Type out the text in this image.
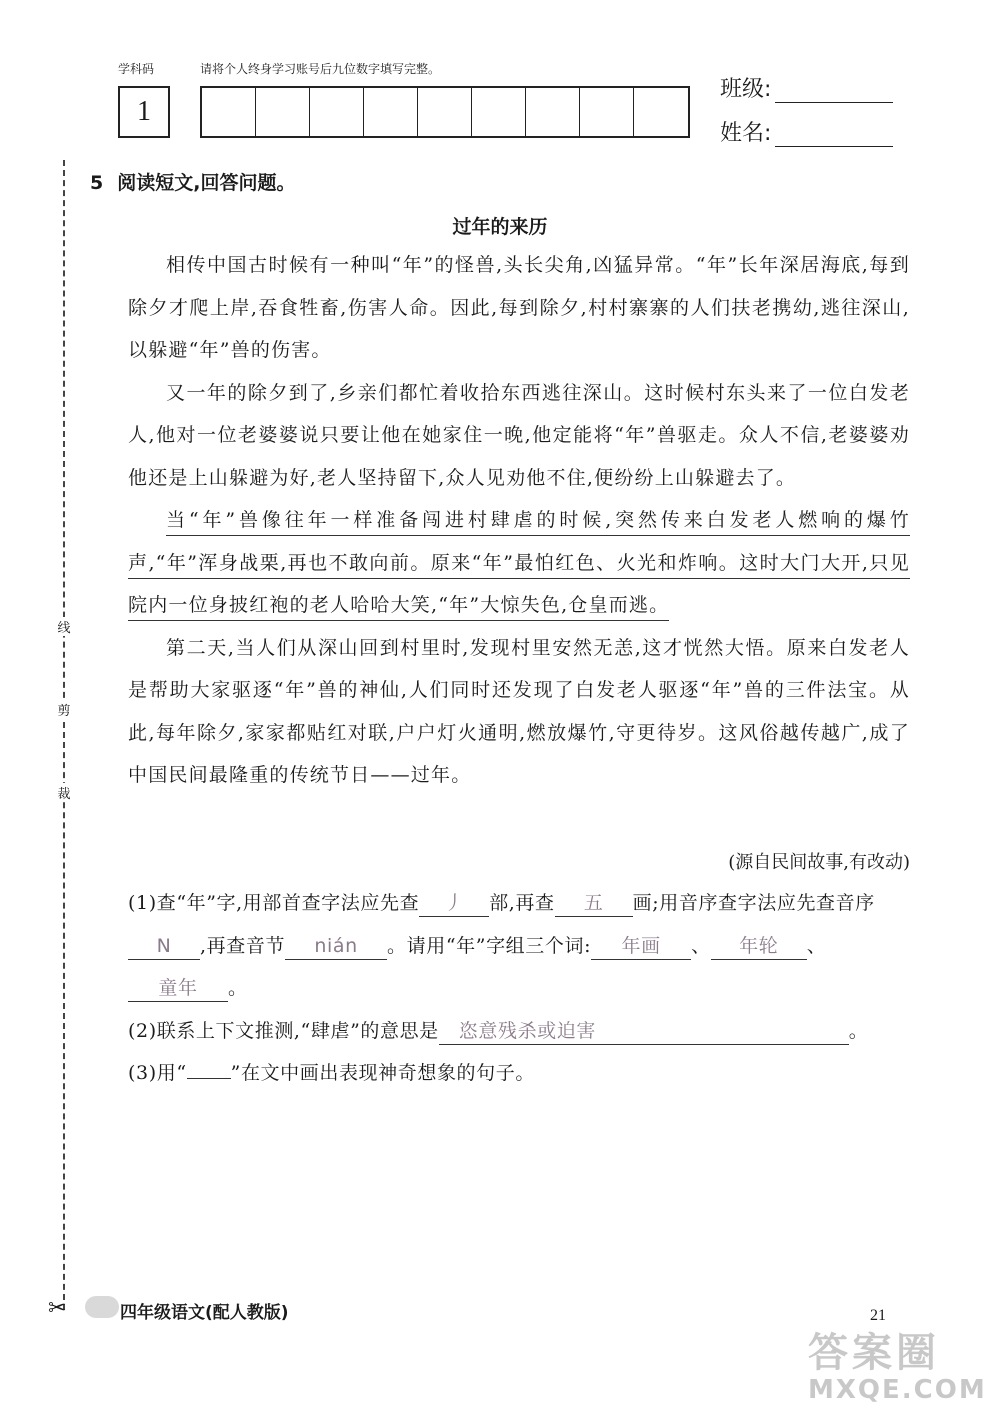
学科码	请将个人终身学习账号后九位数字填写完整。
1
班级:
姓名:
线
剪
裁
5 阅读短文,回答问题。
过年的来历

相传中国古时候有一种叫“年”的怪兽,头长尖角,凶猛异常。“年”长年深居海底,每到除夕才爬上岸,吞食牲畜,伤害人命。因此,每到除夕,村村寨寨的人们扶老携幼,逃往深山,以躲避“年”兽的伤害。

又一年的除夕到了,乡亲们都忙着收拾东西逃往深山。这时候村东头来了一位白发老人,他对一位老婆婆说只要让他在她家住一晚,他定能将“年”兽驱走。众人不信,老婆婆劝他还是上山躲避为好,老人坚持留下,众人见劝他不住,便纷纷上山躲避去了。

当“年”兽像往年一样准备闯进村肆虐的时候,突然传来白发老人燃响的爆竹声,“年”浑身战栗,再也不敢向前。原来“年”最怕红色、火光和炸响。这时大门大开,只见院内一位身披红袍的老人哈哈大笑,“年”大惊失色,仓皇而逃。

第二天,当人们从深山回到村里时,发现村里安然无恙,这才恍然大悟。原来白发老人是帮助大家驱逐“年”兽的神仙,人们同时还发现了白发老人驱逐“年”兽的三件法宝。从此,每年除夕,家家都贴红对联,户户灯火通明,燃放爆竹,守更待岁。这风俗越传越广,成了中国民间最隆重的传统节日——过年。

(源自民间故事,有改动)
(1)查“年”字,用部首查字法应先查 丿 部,再查 五 画;用音序查字法应先查音序N ,再查音节 nián 。请用“年”字组三个词: 年画 、 年轮 、童年 。
(2)联系上下文推测,“肆虐”的意思是 恣意残杀或迫害	。
(3)用“ ”在文中画出表现神奇想象的句子。
✂	四年级语文(配人教版)	21
答案圈
MXQE.COM
